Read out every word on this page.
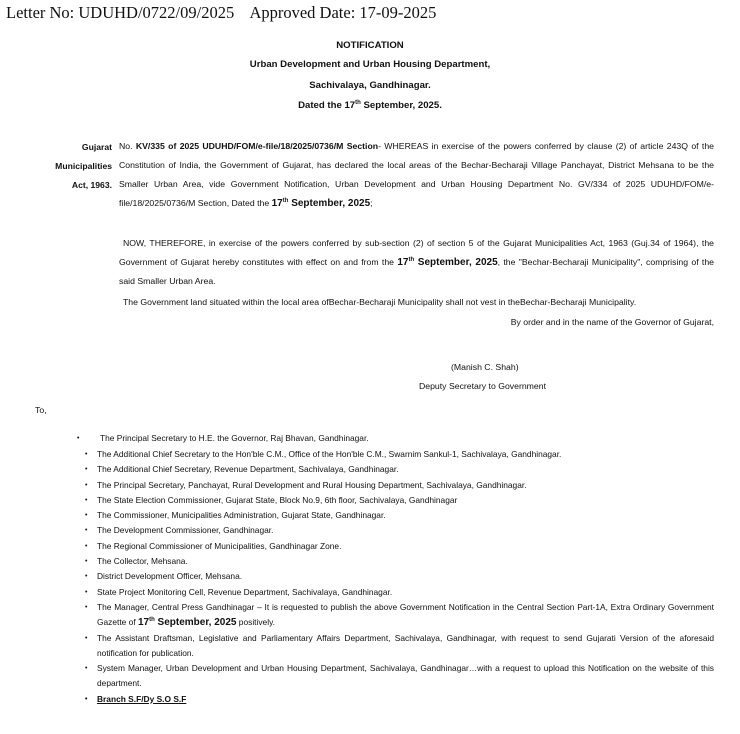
Letter No: UDUHD/0722/09/2025 Approved Date: 17-09-2025
NOTIFICATION
Urban Development and Urban Housing Department,
Sachivalaya, Gandhinagar.
Dated the 17th September, 2025.
Gujarat
Municipalities
Act, 1963.
No. KV/335 of 2025 UDUHD/FOM/e-file/18/2025/0736/M Section- WHEREAS in exercise of the powers conferred by clause (2) of article 243Q of the Constitution of India, the Government of Gujarat, has declared the local areas of the Bechar-Becharaji Village Panchayat, District Mehsana to be the Smaller Urban Area, vide Government Notification, Urban Development and Urban Housing Department No. GV/334 of 2025 UDUHD/FOM/e-file/18/2025/0736/M Section, Dated the 17th September, 2025;
NOW, THEREFORE, in exercise of the powers conferred by sub-section (2) of section 5 of the Gujarat Municipalities Act, 1963 (Guj.34 of 1964), the Government of Gujarat hereby constitutes with effect on and from the 17th September, 2025, the "Bechar-Becharaji Municipality", comprising of the said Smaller Urban Area.
The Government land situated within the local area ofBechar-Becharaji Municipality shall not vest in theBechar-Becharaji Municipality.
By order and in the name of the Governor of Gujarat,
(Manish C. Shah)
Deputy Secretary to Government
To,
• The Principal Secretary to H.E. the Governor, Raj Bhavan, Gandhinagar.
• The Additional Chief Secretary to the Hon'ble C.M., Office of the Hon'ble C.M., Swarnim Sankul-1, Sachivalaya, Gandhinagar.
• The Additional Chief Secretary, Revenue Department, Sachivalaya, Gandhinagar.
• The Principal Secretary, Panchayat, Rural Development and Rural Housing Department, Sachivalaya, Gandhinagar.
• The State Election Commissioner, Gujarat State, Block No.9, 6th floor, Sachivalaya, Gandhinagar
• The Commissioner, Municipalities Administration, Gujarat State, Gandhinagar.
• The Development Commissioner, Gandhinagar.
• The Regional Commissioner of Municipalities, Gandhinagar Zone.
• The Collector, Mehsana.
• District Development Officer, Mehsana.
• State Project Monitoring Cell, Revenue Department, Sachivalaya, Gandhinagar.
• The Manager, Central Press Gandhinagar – It is requested to publish the above Government Notification in the Central Section Part-1A, Extra Ordinary Government Gazette of 17th September, 2025 positively.
• The Assistant Draftsman, Legislative and Parliamentary Affairs Department, Sachivalaya, Gandhinagar, with request to send Gujarati Version of the aforesaid notification for publication.
• System Manager, Urban Development and Urban Housing Department, Sachivalaya, Gandhinagar…with a request to upload this Notification on the website of this department.
• Branch S.F/Dy S.O S.F
